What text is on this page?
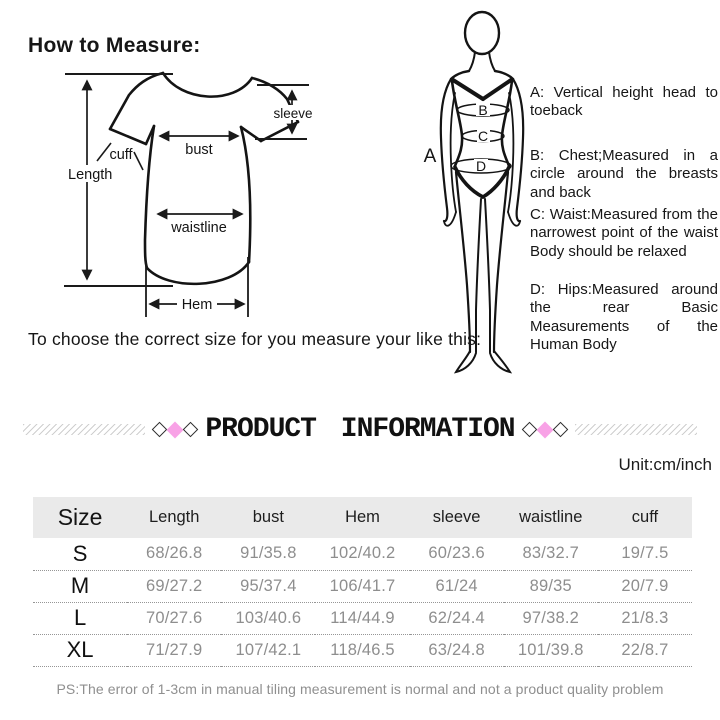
How to Measure:
Length
bust
waistline
Hem
sleeve
cuff
B
C
D
A

A: Vertical height head to toeback

B: Chest;Measured in a circle around the breasts and back

C: Waist:Measured from the narrowest point of the waist Body should be relaxed

D: Hips:Measured around the rear Basic Measurements of the Human Body

To choose the correct size for you measure your like this:
PRODUCT INFORMATION
Unit:cm/inch
Size	Length	bust	Hem	sleeve	waistline	cuff
S	68/26.8	91/35.8	102/40.2	60/23.6	83/32.7	19/7.5
M	69/27.2	95/37.4	106/41.7	61/24	89/35	20/7.9
L	70/27.6	103/40.6	114/44.9	62/24.4	97/38.2	21/8.3
XL	71/27.9	107/42.1	118/46.5	63/24.8	101/39.8	22/8.7
PS:The error of 1-3cm in manual tiling measurement is normal and not a product quality problem
